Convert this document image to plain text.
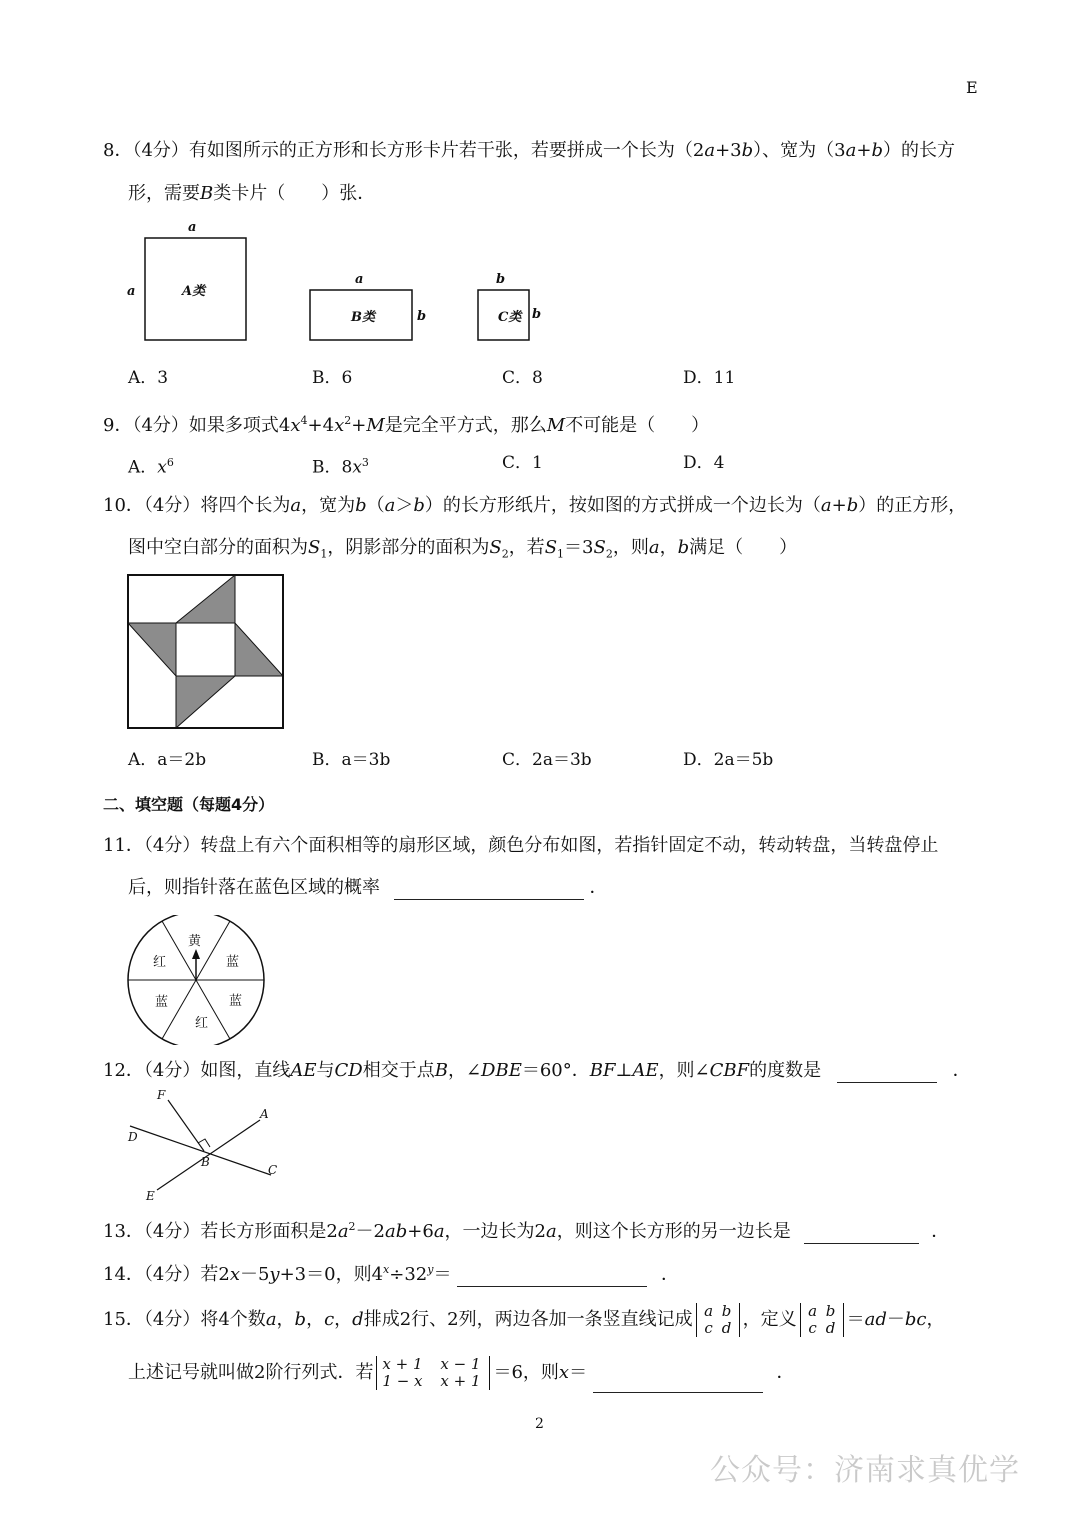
E
8．（4分）有如图所示的正方形和长方形卡片若干张，若要拼成一个长为（2a+3b）、宽为（3a+b）的长方
形，需要B类卡片（　　）张．
a
a	A类
a
b
B类
b
b
C类
A．3	B．6	C．8	D．11
9．（4分）如果多项式$4x^4+4x^2+M$是完全平方式，那么M不可能是（　　）
A．$x^6$	B．$8x^3$	C．1	D．4
10．（4分）将四个长为a，宽为b（a＞b）的长方形纸片，按如图的方式拼成一个边长为（a+b）的正方形，
图中空白部分的面积为$S_1$，阴影部分的面积为$S_2$，若$S_1=3S_2$，则a，b满足（　　）
A．a＝2b	B．a＝3b	C．2a＝3b	D．2a＝5b
二、填空题（每题4分）
11．（4分）转盘上有六个面积相等的扇形区域，颜色分布如图，若指针固定不动，转动转盘，当转盘停止
后，则指针落在蓝色区域的概率	．
黄
蓝
蓝
红
蓝
红
12．（4分）如图，直线AE与CD相交于点B，∠DBE＝60°．BF⊥AE，则∠CBF的度数是	．
F
A
D
B
C
E
13．（4分）若长方形面积是$2a^2-2ab+6a$，一边长为2a，则这个长方形的另一边长是	．
14．（4分）若2x－5y+3＝0，则$4^x\div 32^y=$	．
15．（4分）将4个数a，b，c，d排成2行、2列，两边各加一条竖直线记成 a b
c d ，定义 a b
c d ＝ad－bc，
上述记号就叫做2阶行列式．若 x + 1 x − 1
1 − x x + 1 ＝6，则x＝	．
2
公众号：济南求真优学
